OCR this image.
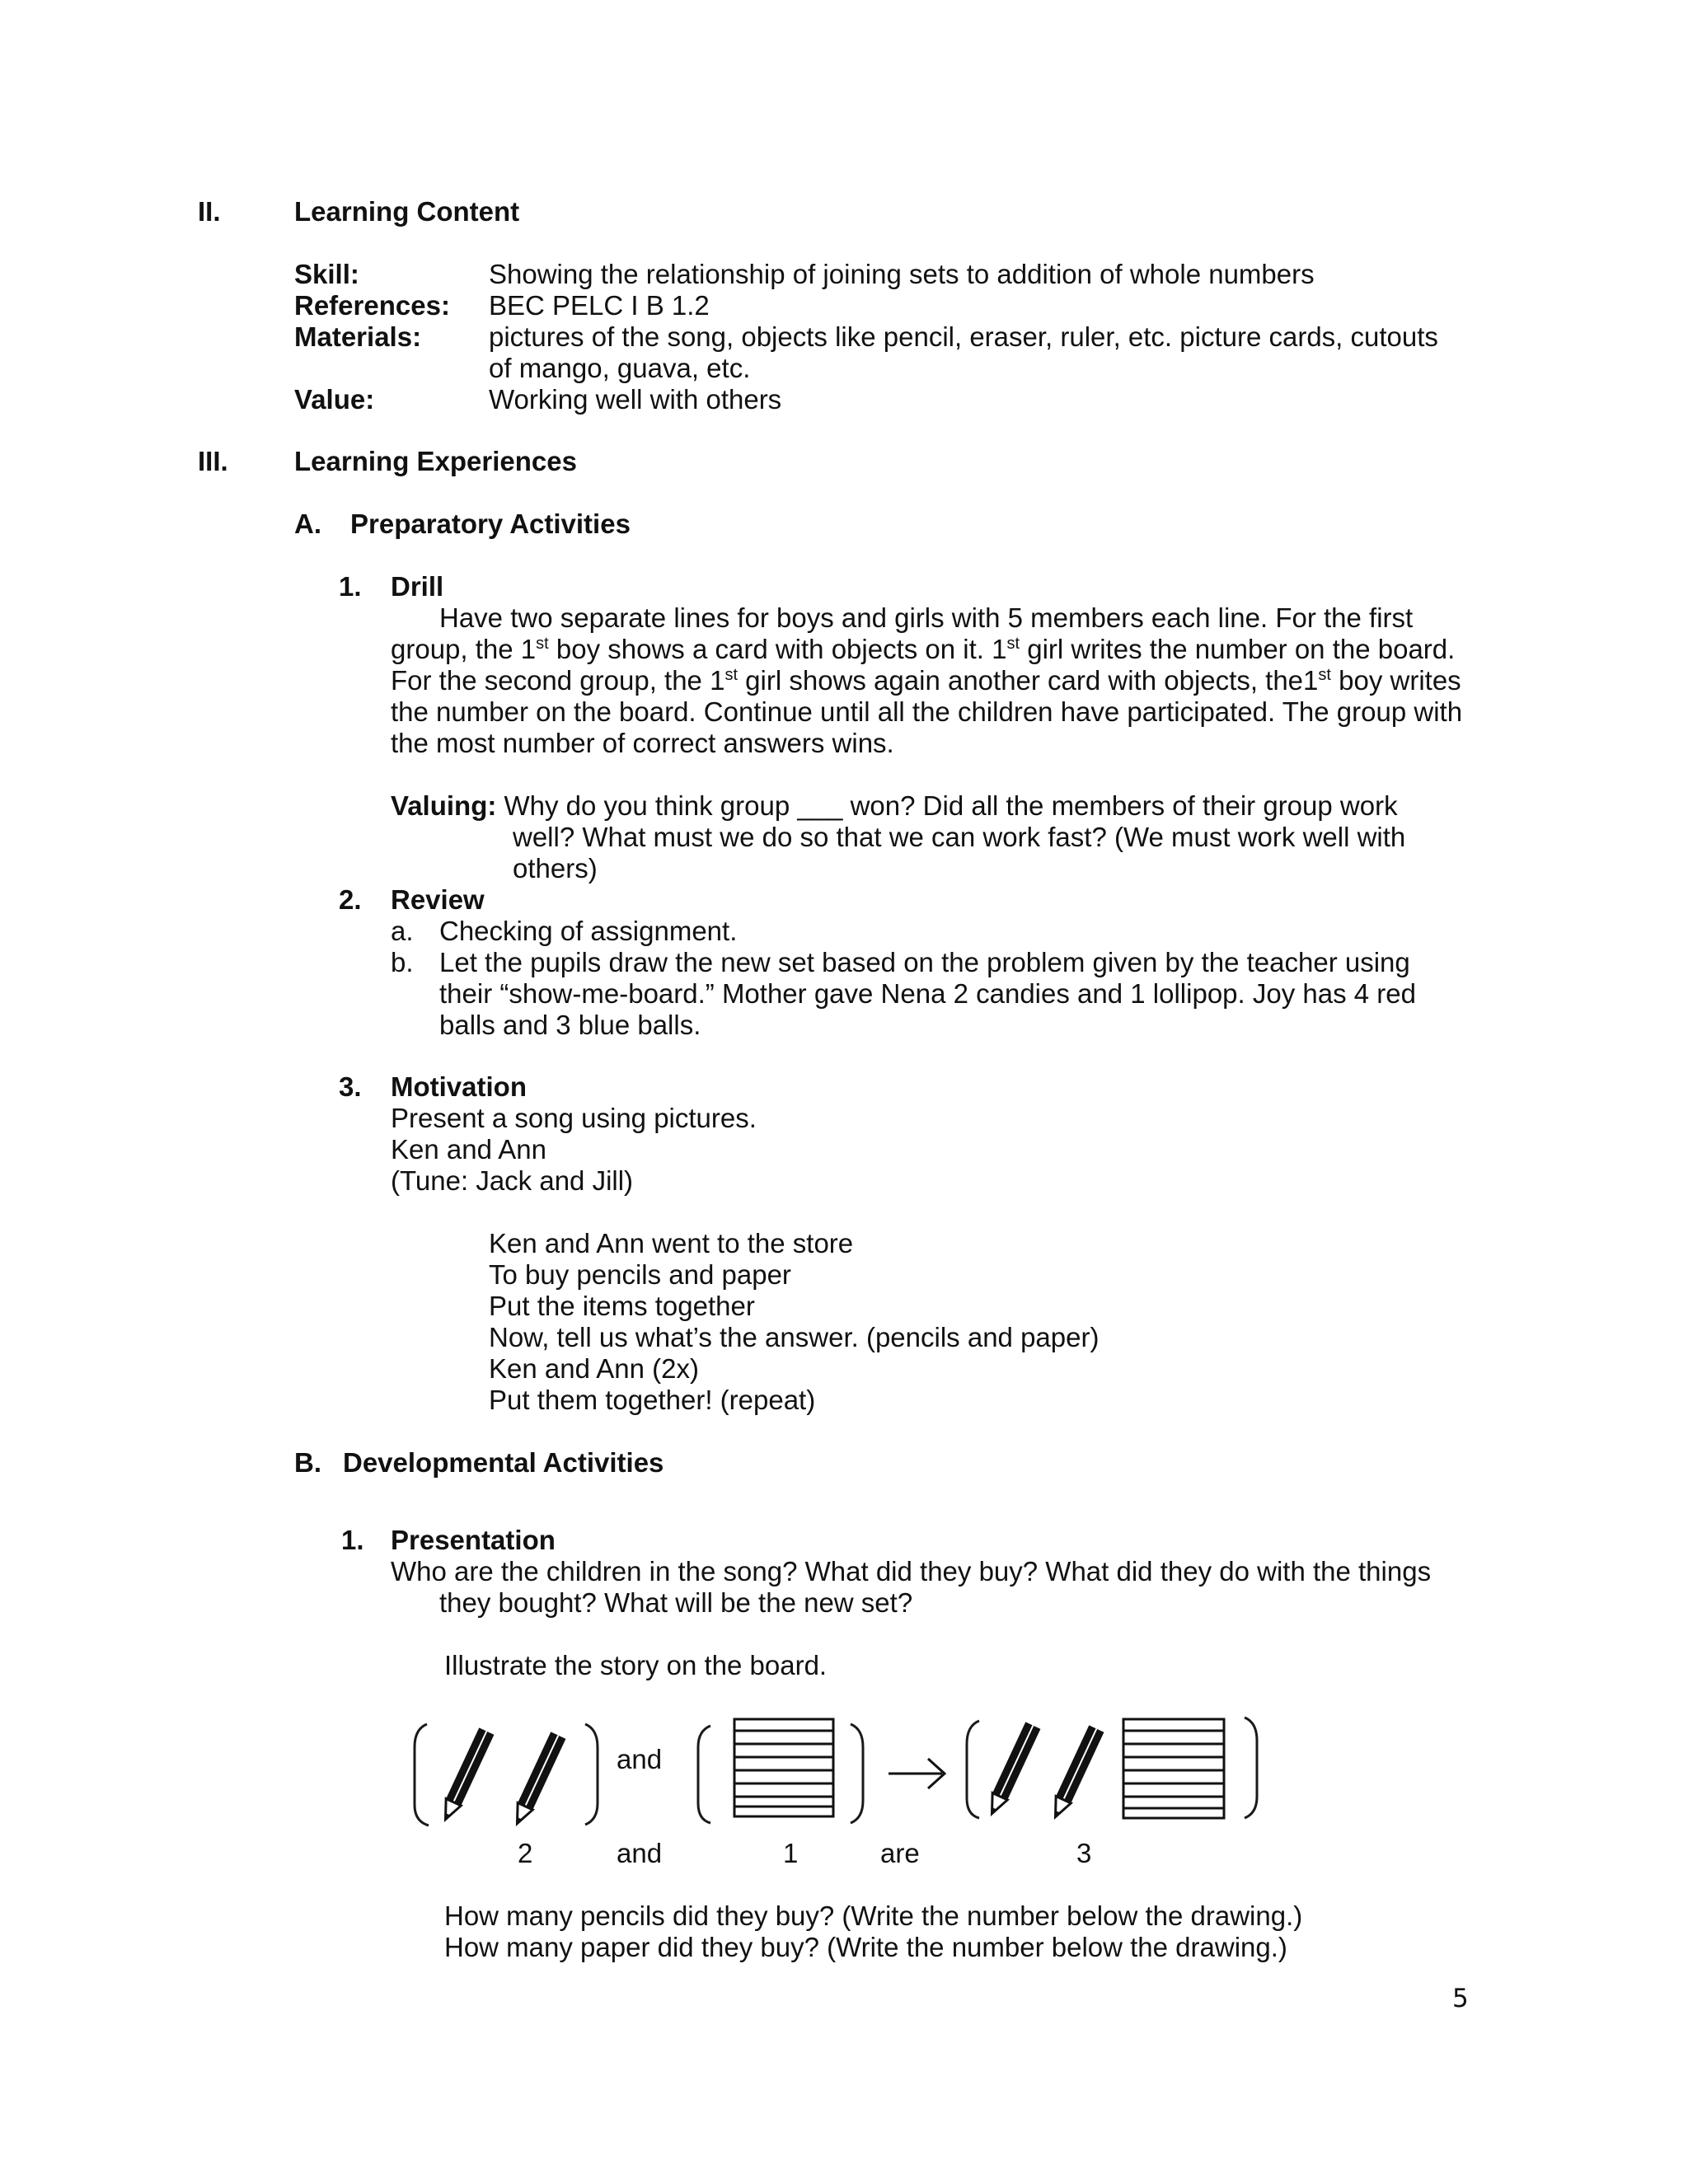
II.	Learning Content
Skill:	Showing the relationship of joining sets to addition of whole numbers
References: BEC PELC I B 1.2
Materials: pictures of the song, objects like pencil, eraser, ruler, etc. picture cards, cutouts
of mango, guava, etc.
Value:	Working well with others
III. Learning Experiences
A. Preparatory Activities
1. Drill
Have two separate lines for boys and girls with 5 members each line. For the first
group, the 1st boy shows a card with objects on it. 1st girl writes the number on the board.
For the second group, the 1st girl shows again another card with objects, the1st boy writes
the number on the board. Continue until all the children have participated. The group with
the most number of correct answers wins.
Valuing: Why do you think group ___ won? Did all the members of their group work
well? What must we do so that we can work fast? (We must work well with
others)
2. Review
a. Checking of assignment.
b. Let the pupils draw the new set based on the problem given by the teacher using
their “show-me-board.” Mother gave Nena 2 candies and 1 lollipop. Joy has 4 red
balls and 3 blue balls.
3. Motivation
Present a song using pictures.
Ken and Ann
(Tune: Jack and Jill)
Ken and Ann went to the store
To buy pencils and paper
Put the items together
Now, tell us what’s the answer. (pencils and paper)
Ken and Ann (2x)
Put them together! (repeat)
B. Developmental Activities
1. Presentation
Who are the children in the song? What did they buy? What did they do with the things
they bought? What will be the new set?
Illustrate the story on the board.
and
2	and	1	are	3
How many pencils did they buy? (Write the number below the drawing.)
How many paper did they buy? (Write the number below the drawing.)
5
